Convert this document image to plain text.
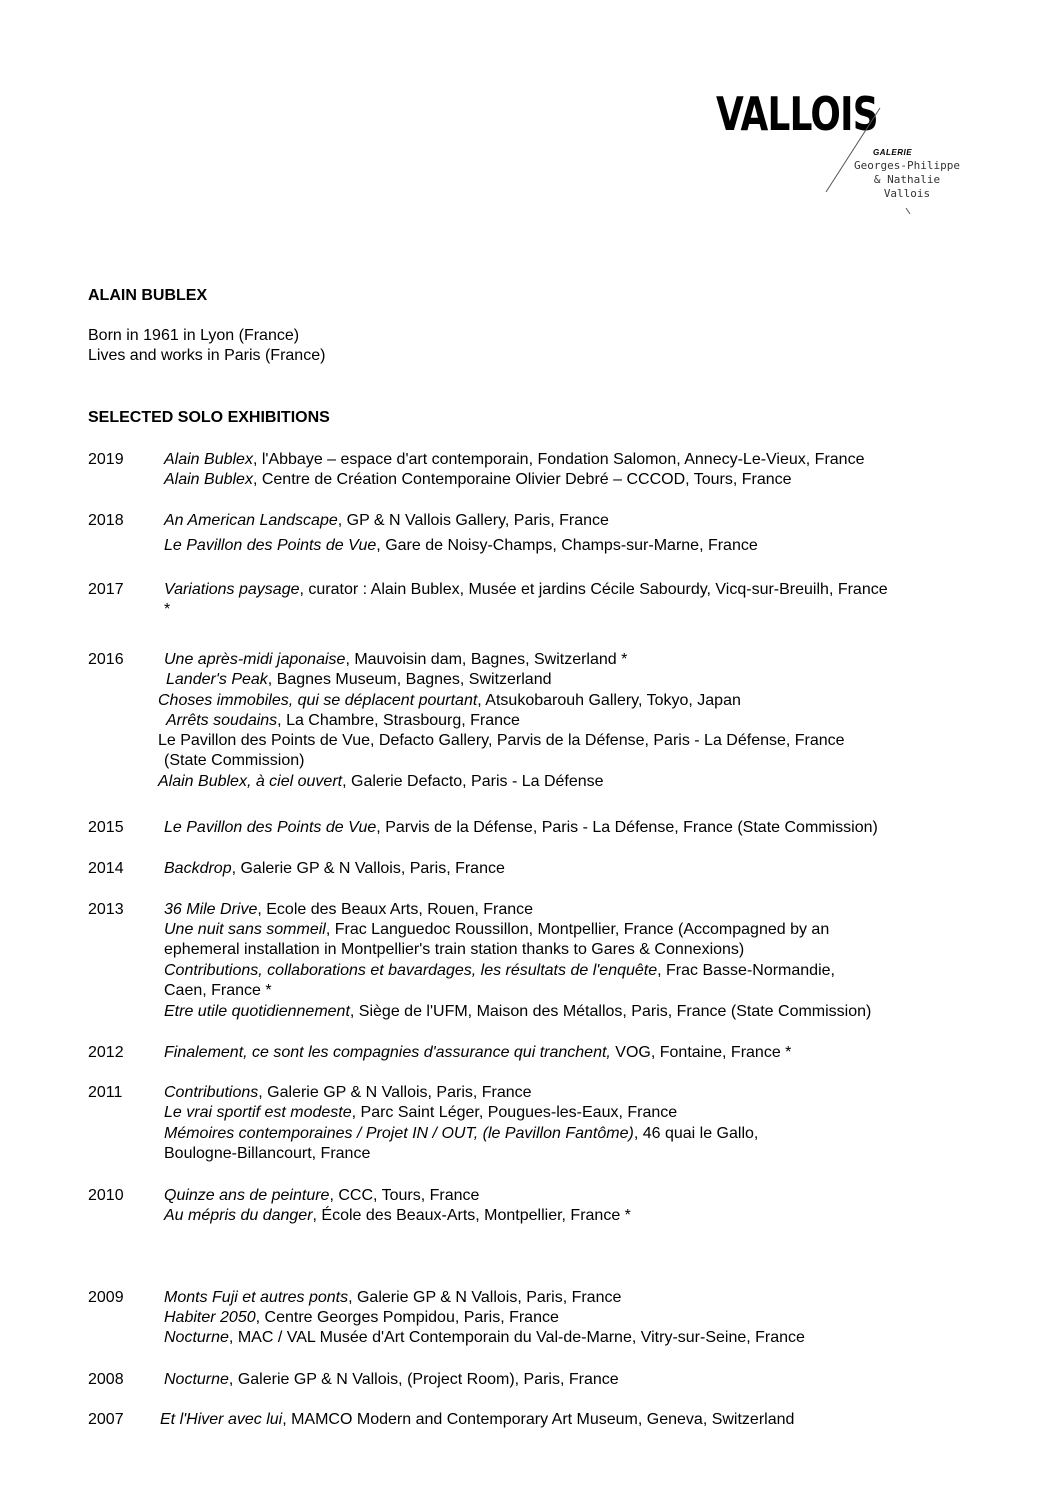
VALLOIS
GALERIE
Georges-Philippe
& Nathalie
Vallois
ALAIN BUBLEX
Born in 1961 in Lyon (France)
Lives and works in Paris (France)
SELECTED SOLO EXHIBITIONS
2019	Alain Bublex, l'Abbaye – espace d'art contemporain, Fondation Salomon, Annecy-Le-Vieux, France
Alain Bublex, Centre de Création Contemporaine Olivier Debré – CCCOD, Tours, France
2018	An American Landscape, GP & N Vallois Gallery, Paris, France
Le Pavillon des Points de Vue, Gare de Noisy-Champs, Champs-sur-Marne, France
2017	Variations paysage, curator : Alain Bublex, Musée et jardins Cécile Sabourdy, Vicq-sur-Breuilh, France
*
2016	Une après-midi japonaise, Mauvoisin dam, Bagnes, Switzerland *
Lander's Peak, Bagnes Museum, Bagnes, Switzerland
Choses immobiles, qui se déplacent pourtant, Atsukobarouh Gallery, Tokyo, Japan
Arrêts soudains, La Chambre, Strasbourg, France
Le Pavillon des Points de Vue, Defacto Gallery, Parvis de la Défense, Paris - La Défense, France
(State Commission)
Alain Bublex, à ciel ouvert, Galerie Defacto, Paris - La Défense
2015	Le Pavillon des Points de Vue, Parvis de la Défense, Paris - La Défense, France (State Commission)
2014	Backdrop, Galerie GP & N Vallois, Paris, France
2013	36 Mile Drive, Ecole des Beaux Arts, Rouen, France
Une nuit sans sommeil, Frac Languedoc Roussillon, Montpellier, France (Accompagned by an
ephemeral installation in Montpellier's train station thanks to Gares & Connexions)
Contributions, collaborations et bavardages, les résultats de l'enquête, Frac Basse-Normandie,
Caen, France *
Etre utile quotidiennement, Siège de l'UFM, Maison des Métallos, Paris, France (State Commission)
2012	Finalement, ce sont les compagnies d'assurance qui tranchent, VOG, Fontaine, France *
2011	Contributions, Galerie GP & N Vallois, Paris, France
Le vrai sportif est modeste, Parc Saint Léger, Pougues-les-Eaux, France
Mémoires contemporaines / Projet IN / OUT, (le Pavillon Fantôme), 46 quai le Gallo,
Boulogne-Billancourt, France
2010	Quinze ans de peinture, CCC, Tours, France
Au mépris du danger, École des Beaux-Arts, Montpellier, France *
2009	Monts Fuji et autres ponts, Galerie GP & N Vallois, Paris, France
Habiter 2050, Centre Georges Pompidou, Paris, France
Nocturne, MAC / VAL Musée d'Art Contemporain du Val-de-Marne, Vitry-sur-Seine, France
2008	Nocturne, Galerie GP & N Vallois, (Project Room), Paris, France
2007 Et l'Hiver avec lui, MAMCO Modern and Contemporary Art Museum, Geneva, Switzerland
